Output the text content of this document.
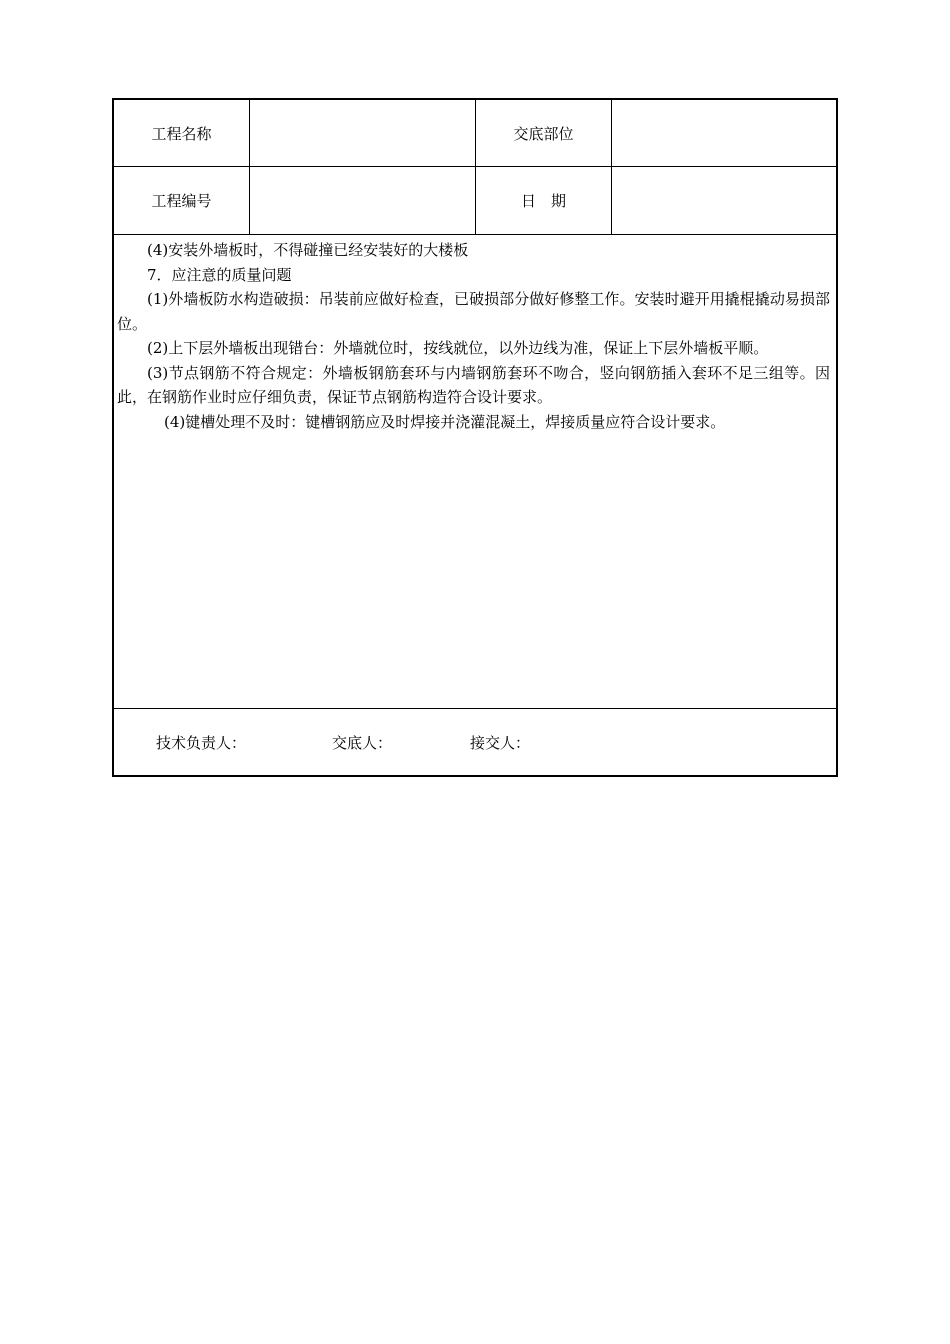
工程名称	交底部位
工程编号	日　期

(4)安装外墙板时，不得碰撞已经安装好的大楼板

7．应注意的质量问题

(1)外墙板防水构造破损：吊装前应做好检查，已破损部分做好修整工作。安装时避开用撬棍撬动易损部位。

(2)上下层外墙板出现错台：外墙就位时，按线就位，以外边线为准，保证上下层外墙板平顺。

(3)节点钢筋不符合规定：外墙板钢筋套环与内墙钢筋套环不吻合，竖向钢筋插入套环不足三组等。因此，在钢筋作业时应仔细负责，保证节点钢筋构造符合设计要求。

(4)键槽处理不及时：键槽钢筋应及时焊接并浇灌混凝土，焊接质量应符合设计要求。

技术负责人：	交底人：	接交人：
